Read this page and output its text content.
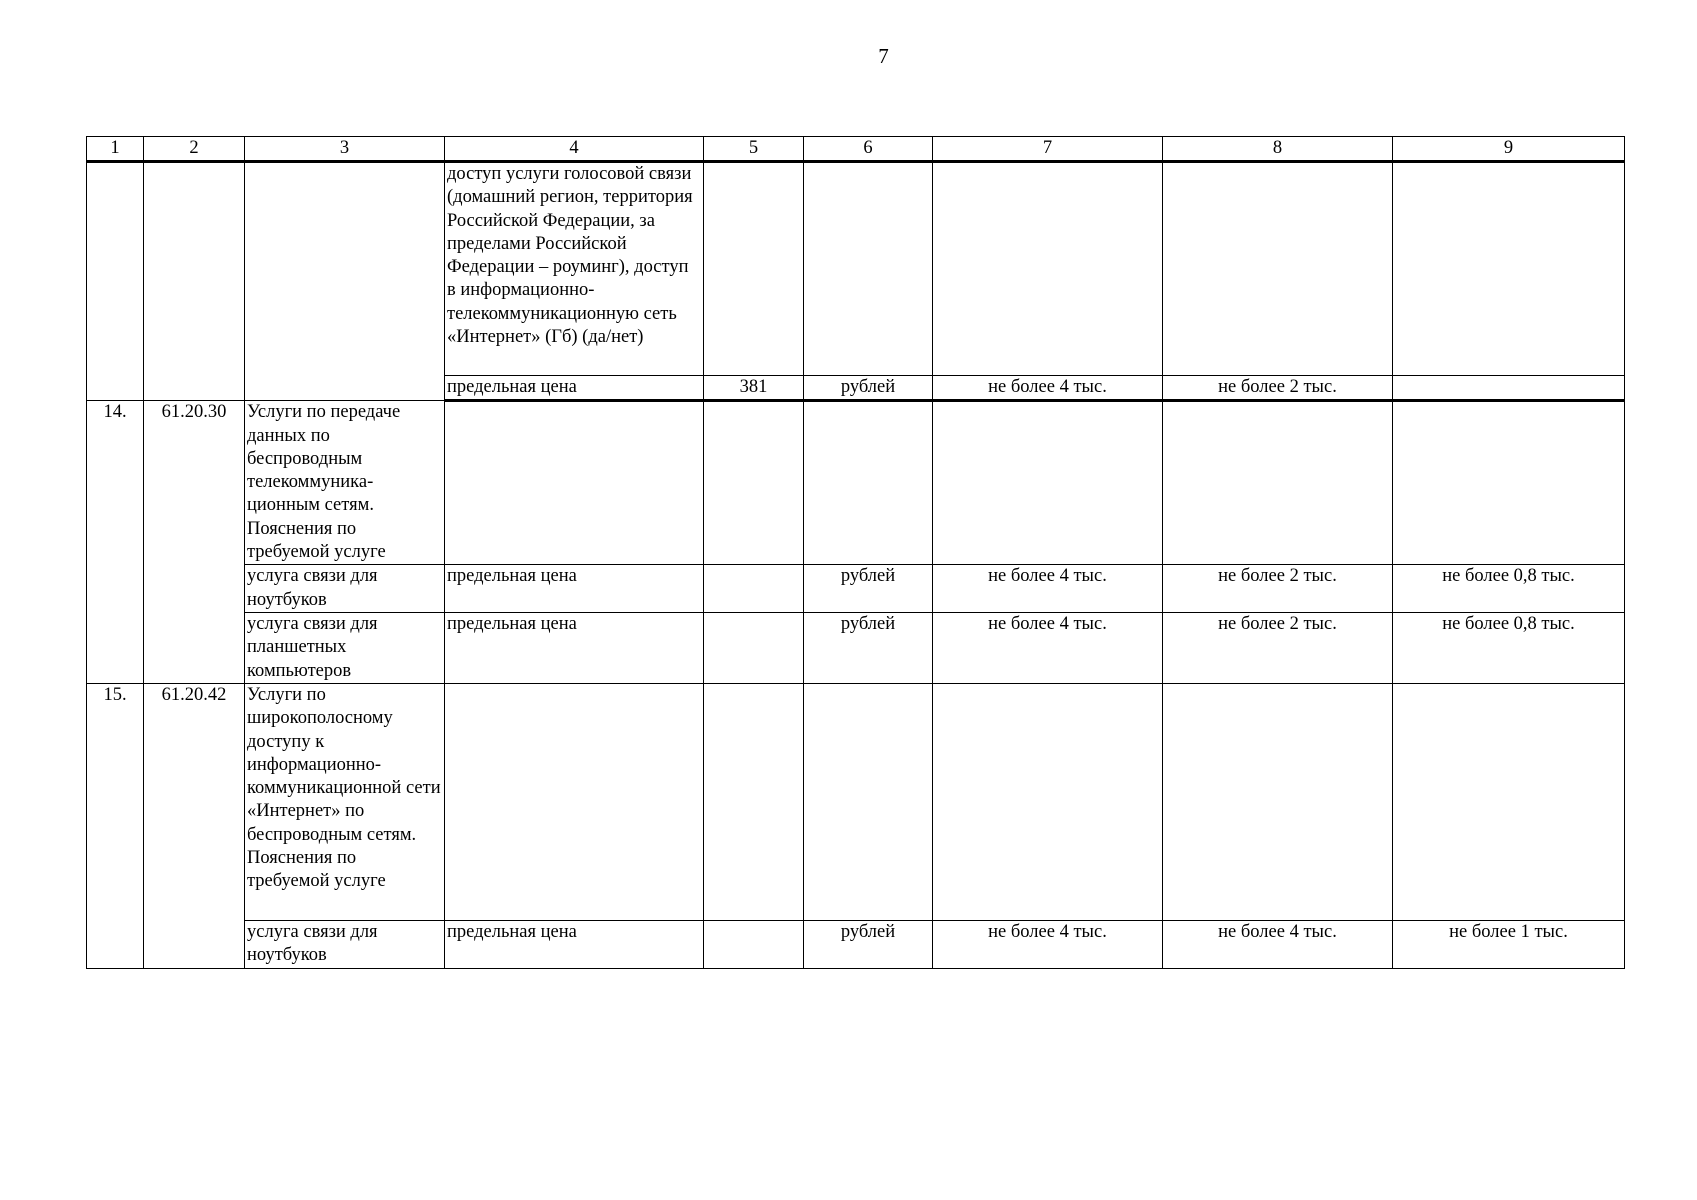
7
1	2	3	4	5	6	7	8	9
			доступ услуги голосовой связи (домашний регион, территория Российской Федерации, за пределами Российской Федерации – роуминг), доступ в информационно-телекоммуникационную сеть «Интернет» (Гб) (да/нет)					
			предельная цена	381	рублей	не более 4 тыс.	не более 2 тыс.	
14.	61.20.30	Услуги по передаче данных по беспроводным телекоммуника-ционным сетям. Пояснения по требуемой услуге						
		услуга связи для ноутбуков	предельная цена		рублей	не более 4 тыс.	не более 2 тыс.	не более 0,8 тыс.
		услуга связи для планшетных компьютеров	предельная цена		рублей	не более 4 тыс.	не более 2 тыс.	не более 0,8 тыс.
15.	61.20.42	Услуги по широкополосному доступу к информационно-коммуникационной сети «Интернет» по беспроводным сетям. Пояснения по требуемой услуге						
		услуга связи для ноутбуков	предельная цена		рублей	не более 4 тыс.	не более 4 тыс.	не более 1 тыс.
